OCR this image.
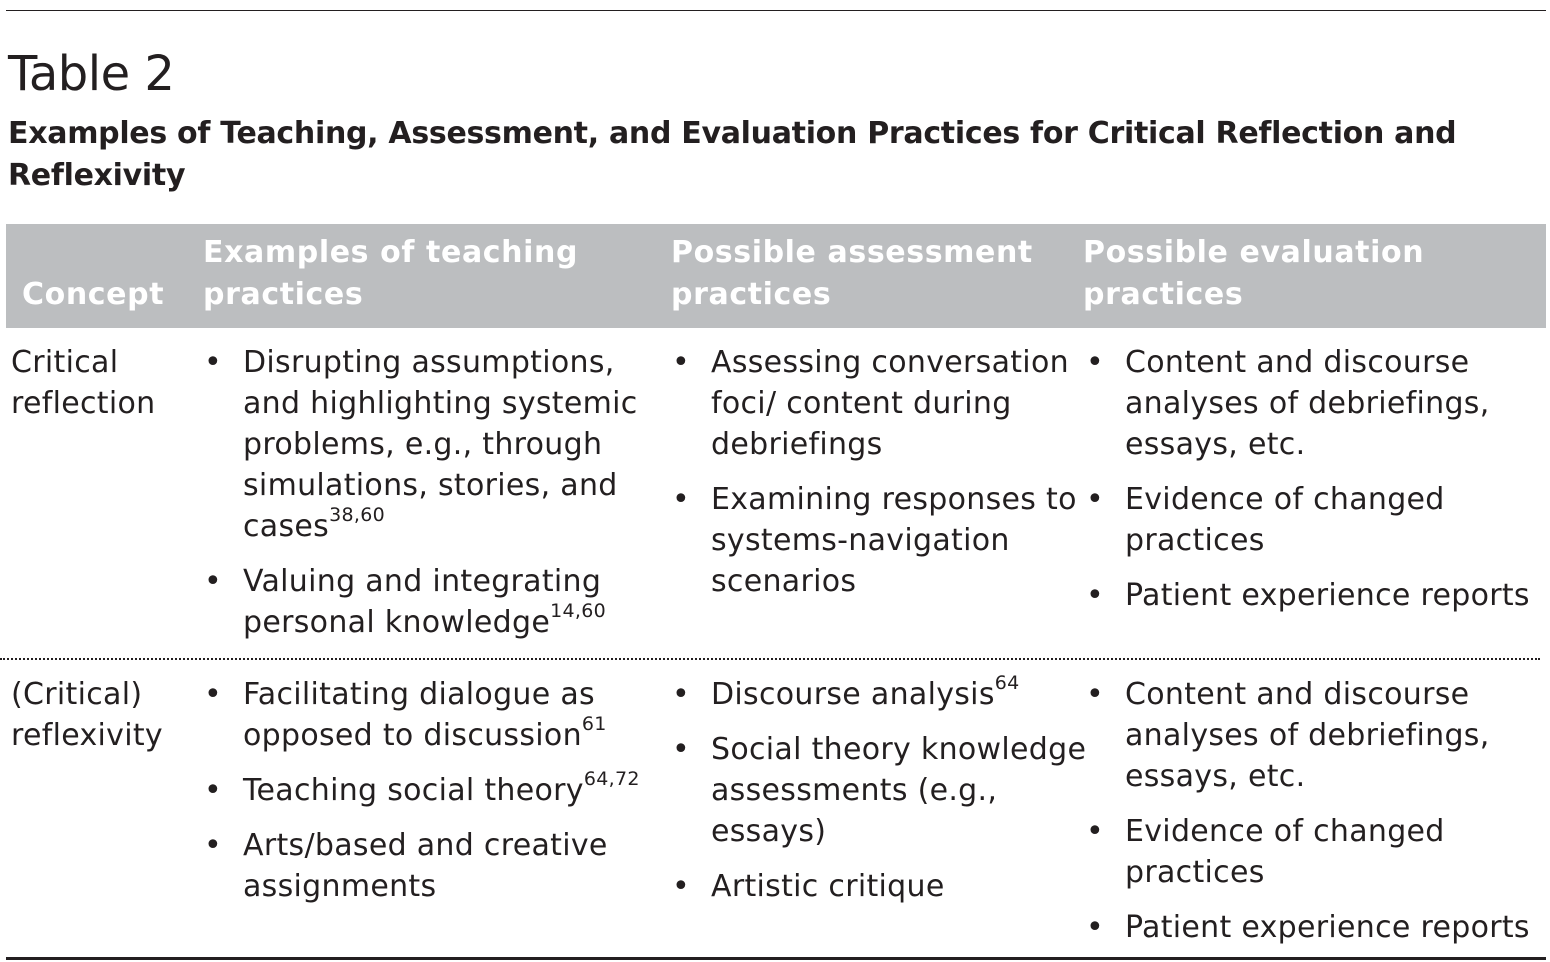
Table 2
Examples of Teaching, Assessment, and Evaluation Practices for Critical Reflection and Reflexivity
Concept
Examples of teaching practices
Possible assessment practices
Possible evaluation practices
Critical reflection
• Disrupting assumptions, and highlighting systemic problems, e.g., through simulations, stories, and cases$^{38,60}$
• Valuing and integrating personal knowledge$^{14,60}$
• Assessing conversation foci/ content during debriefings
• Examining responses to systems-navigation scenarios
• Content and discourse analyses of debriefings, essays, etc.
• Evidence of changed practices
• Patient experience reports
(Critical) reflexivity
• Facilitating dialogue as opposed to discussion$^{61}$
• Teaching social theory$^{64,72}$
• Arts/based and creative assignments
• Discourse analysis$^{64}$
• Social theory knowledge assessments (e.g., essays)
• Artistic critique
• Content and discourse analyses of debriefings, essays, etc.
• Evidence of changed practices
• Patient experience reports
